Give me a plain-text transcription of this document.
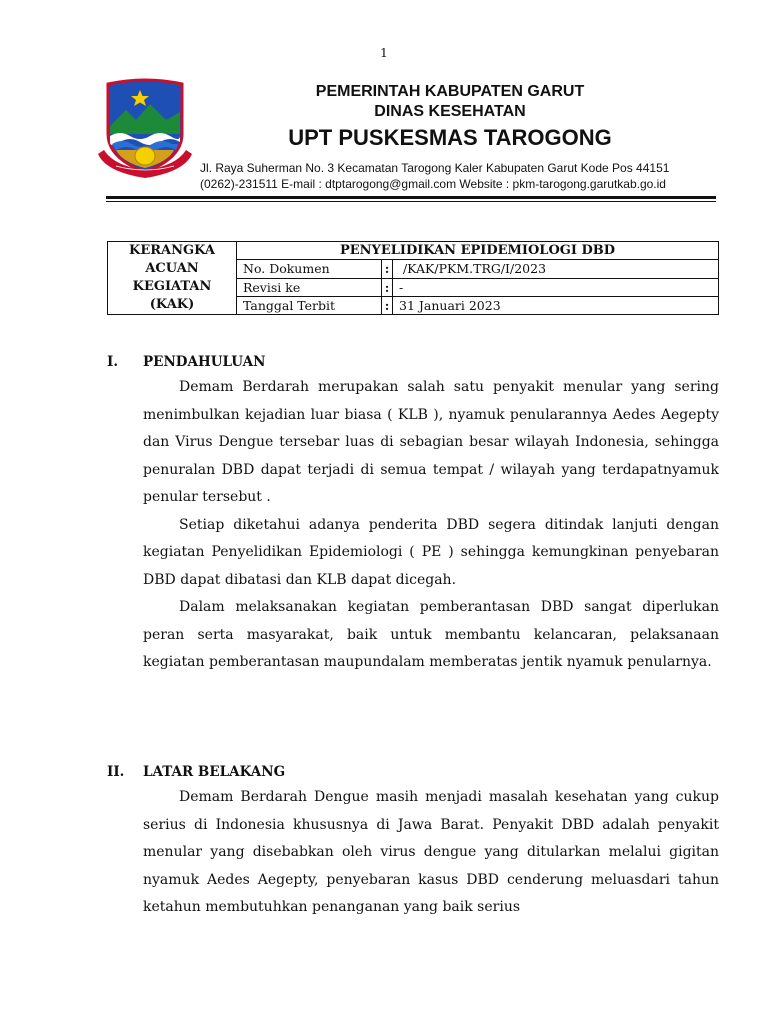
1
PEMERINTAH KABUPATEN GARUT
DINAS KESEHATAN
UPT PUSKESMAS TAROGONG
Jl. Raya Suherman No. 3 Kecamatan Tarogong Kaler Kabupaten Garut Kode Pos 44151
(0262)-231511 E-mail : dtptarogong@gmail.com Website : pkm-tarogong.garutkab.go.id
KERANGKA
ACUAN
KEGIATAN
(KAK)	PENYELIDIKAN EPIDEMIOLOGI DBD		
	No. Dokumen	:	/KAK/PKM.TRG/I/2023
	Revisi ke	:	-
	Tanggal Terbit	:	31 Januari 2023
I.	PENDAHULUAN

Demam Berdarah merupakan salah satu penyakit menular yang sering menimbulkan kejadian luar biasa ( KLB ), nyamuk penularannya Aedes Aegepty dan Virus Dengue tersebar luas di sebagian besar wilayah Indonesia, sehingga penuralan DBD dapat terjadi di semua tempat / wilayah yang terdapatnyamuk penular tersebut .

Setiap diketahui adanya penderita DBD segera ditindak lanjuti dengan kegiatan Penyelidikan Epidemiologi ( PE ) sehingga kemungkinan penyebaran DBD dapat dibatasi dan KLB dapat dicegah.

Dalam melaksanakan kegiatan pemberantasan DBD sangat diperlukan peran serta masyarakat, baik untuk membantu kelancaran, pelaksanaan kegiatan pemberantasan maupundalam memberatas jentik nyamuk penularnya.

II.	LATAR BELAKANG

Demam Berdarah Dengue masih menjadi masalah kesehatan yang cukup serius di Indonesia khususnya di Jawa Barat. Penyakit DBD adalah penyakit menular yang disebabkan oleh virus dengue yang ditularkan melalui gigitan nyamuk Aedes Aegepty, penyebaran kasus DBD cenderung meluasdari tahun ketahun membutuhkan penanganan yang baik serius
